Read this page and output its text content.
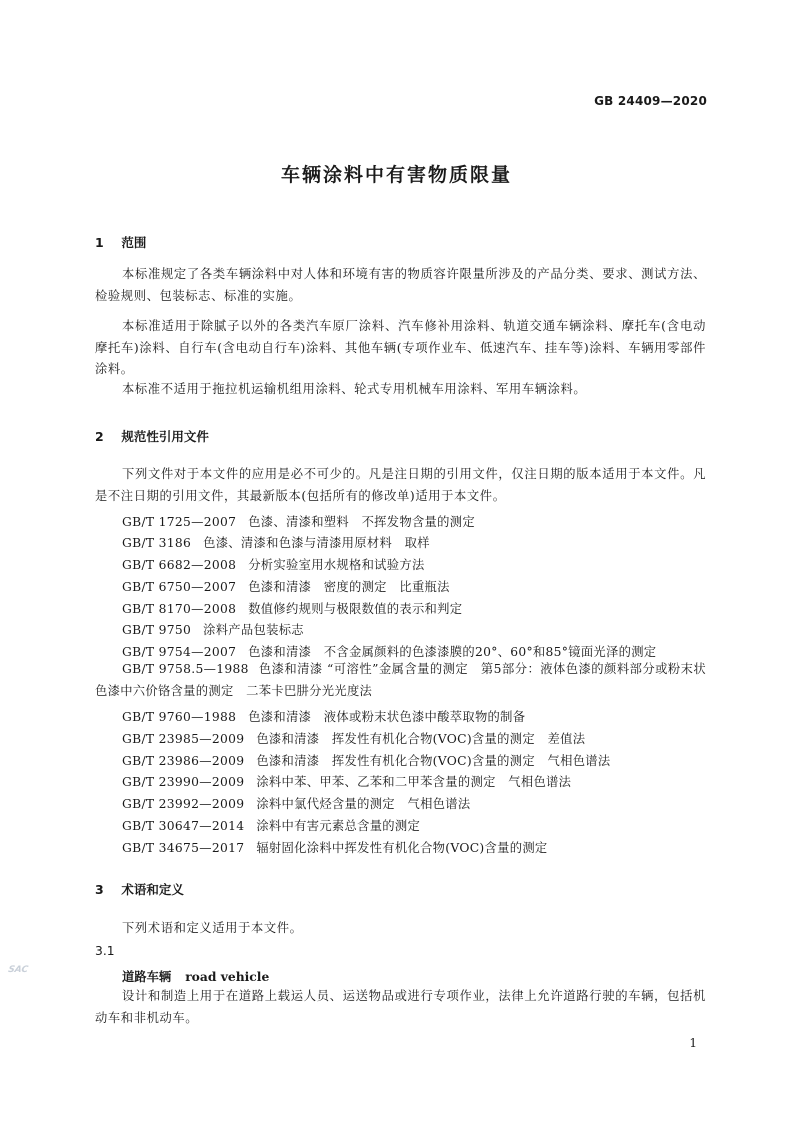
GB 24409—2020
车辆涂料中有害物质限量
1 范围
本标准规定了各类车辆涂料中对人体和环境有害的物质容许限量所涉及的产品分类、要求、测试方法、检验规则、包装标志、标准的实施。
本标准适用于除腻子以外的各类汽车原厂涂料、汽车修补用涂料、轨道交通车辆涂料、摩托车(含电动摩托车)涂料、自行车(含电动自行车)涂料、其他车辆(专项作业车、低速汽车、挂车等)涂料、车辆用零部件涂料。
本标准不适用于拖拉机运输机组用涂料、轮式专用机械车用涂料、军用车辆涂料。
2 规范性引用文件
下列文件对于本文件的应用是必不可少的。凡是注日期的引用文件，仅注日期的版本适用于本文件。凡是不注日期的引用文件，其最新版本(包括所有的修改单)适用于本文件。
GB/T 1725—2007 色漆、清漆和塑料　不挥发物含量的测定
GB/T 3186 色漆、清漆和色漆与清漆用原材料　取样
GB/T 6682—2008 分析实验室用水规格和试验方法
GB/T 6750—2007 色漆和清漆　密度的测定　比重瓶法
GB/T 8170—2008 数值修约规则与极限数值的表示和判定
GB/T 9750 涂料产品包装标志
GB/T 9754—2007 色漆和清漆　不含金属颜料的色漆漆膜的20°、60°和85°镜面光泽的测定
GB/T 9758.5—1988 色漆和清漆 “可溶性”金属含量的测定　第5部分：液体色漆的颜料部分或粉末状色漆中六价铬含量的测定　二苯卡巴肼分光光度法
GB/T 9760—1988 色漆和清漆　液体或粉末状色漆中酸萃取物的制备
GB/T 23985—2009 色漆和清漆　挥发性有机化合物(VOC)含量的测定　差值法
GB/T 23986—2009 色漆和清漆　挥发性有机化合物(VOC)含量的测定　气相色谱法
GB/T 23990—2009 涂料中苯、甲苯、乙苯和二甲苯含量的测定　气相色谱法
GB/T 23992—2009 涂料中氯代烃含量的测定　气相色谱法
GB/T 30647—2014 涂料中有害元素总含量的测定
GB/T 34675—2017 辐射固化涂料中挥发性有机化合物(VOC)含量的测定
3 术语和定义
下列术语和定义适用于本文件。
3.1
道路车辆 road vehicle
设计和制造上用于在道路上载运人员、运送物品或进行专项作业，法律上允许道路行驶的车辆，包括机动车和非机动车。
SAC
1
